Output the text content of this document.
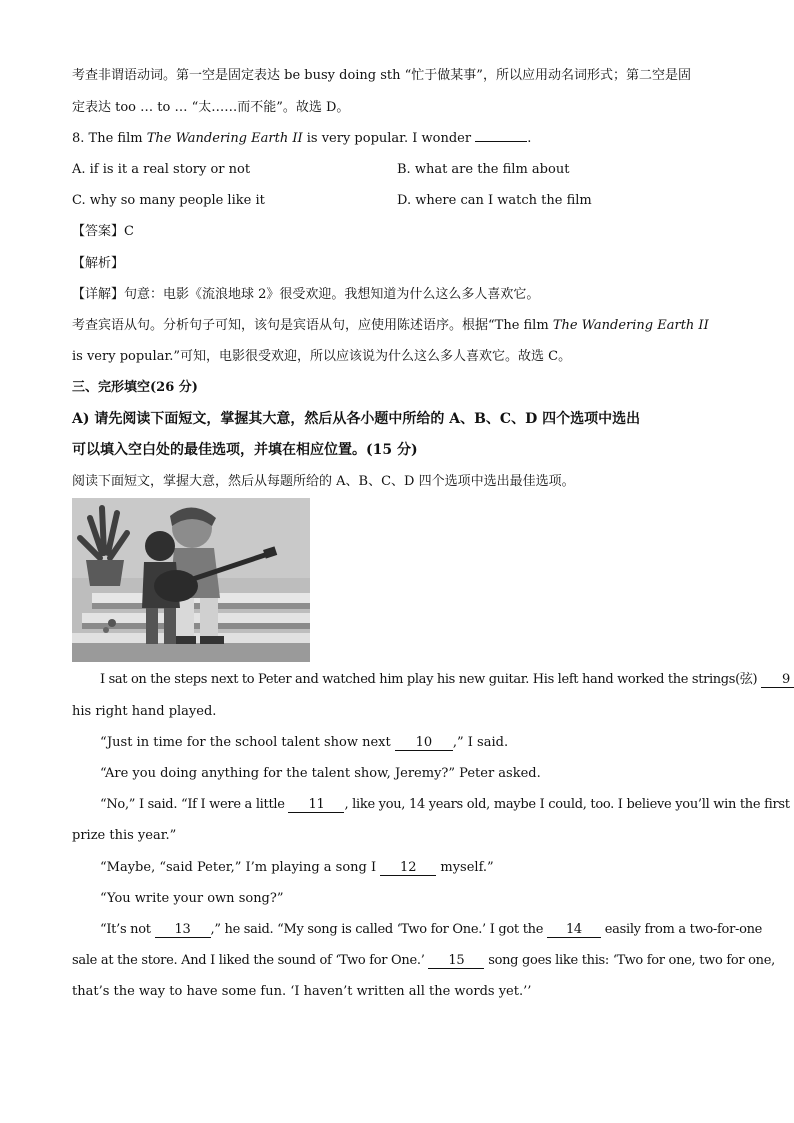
考查非谓语动词。第一空是固定表达 be busy doing sth “忙于做某事”，所以应用动名词形式；第二空是固
定表达 too … to … “太……而不能”。故选 D。
8. The film The Wandering Earth II is very popular. I wonder	.
A. if is it a real story or not	B. what are the film about
C. why so many people like it	D. where can I watch the film
【答案】C
【解析】
【详解】句意：电影《流浪地球 2》很受欢迎。我想知道为什么这么多人喜欢它。
考查宾语从句。分析句子可知，该句是宾语从句，应使用陈述语序。根据“The film The Wandering Earth II
is very popular.”可知，电影很受欢迎，所以应该说为什么这么多人喜欢它。故选 C。
三、完形填空(26 分)
A) 请先阅读下面短文，掌握其大意，然后从各小题中所给的 A、B、C、D 四个选项中选出
可以填入空白处的最佳选项，并填在相应位置。(15 分)
阅读下面短文，掌握大意，然后从每题所给的 A、B、C、D 四个选项中选出最佳选项。
I sat on the steps next to Peter and watched him play his new guitar. His left hand worked the strings(弦) 9
his right hand played.
“Just in time for the school talent show next 10 ,” I said.
“Are you doing anything for the talent show, Jeremy?” Peter asked.
“No,” I said. “If I were a little 11 , like you, 14 years old, maybe I could, too. I believe you’ll win the first
prize this year.”
“Maybe, “said Peter,” I’m playing a song I 12 myself.”
“You write your own song?”
“It’s not 13 ,” he said. “My song is called ‘Two for One.’ I got the 14 easily from a two-for-one
sale at the store. And I liked the sound of ‘Two for One.’ 15 song goes like this: ‘Two for one, two for one,
that’s the way to have some fun. ‘I haven’t written all the words yet.’’
